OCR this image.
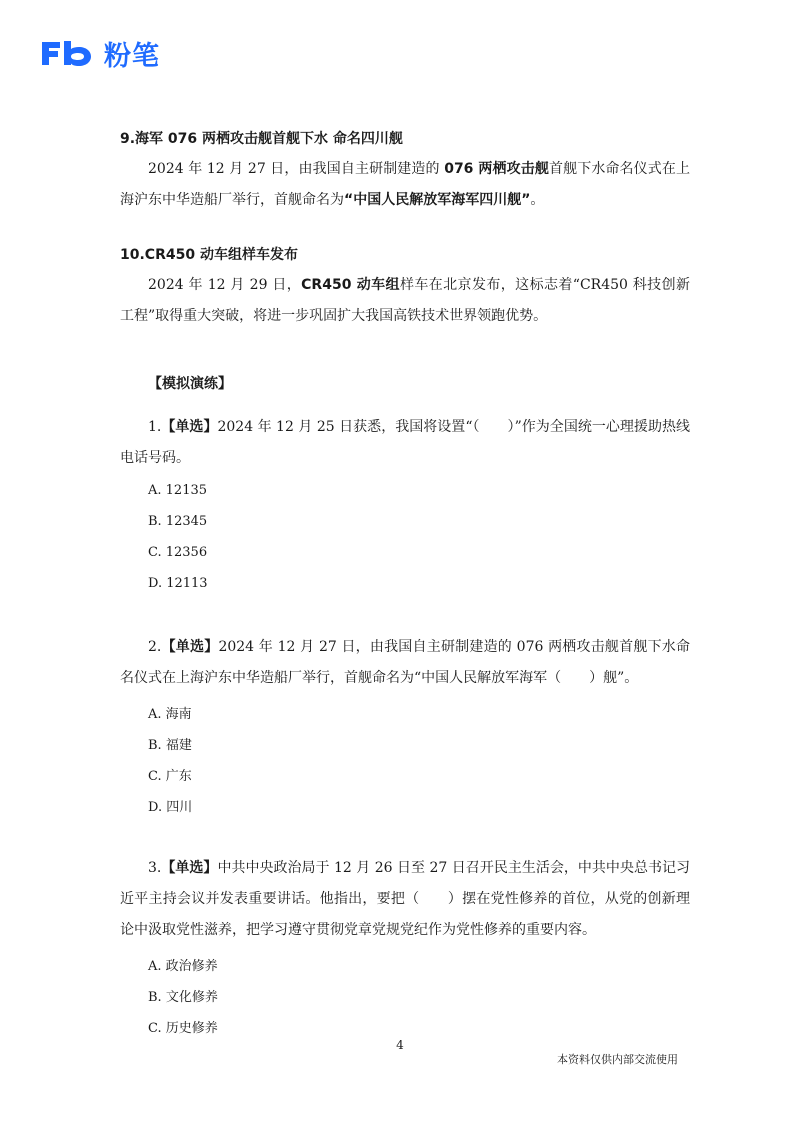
粉笔
9.海军 076 两栖攻击舰首舰下水 命名四川舰

2024 年 12 月 27 日，由我国自主研制建造的 076 两栖攻击舰首舰下水命名仪式在上海沪东中华造船厂举行，首舰命名为“中国人民解放军海军四川舰”。

10.CR450 动车组样车发布

2024 年 12 月 29 日，CR450 动车组样车在北京发布，这标志着“CR450 科技创新工程”取得重大突破，将进一步巩固扩大我国高铁技术世界领跑优势。

【模拟演练】

1.【单选】2024 年 12 月 25 日获悉，我国将设置“（　　）”作为全国统一心理援助热线电话号码。

A. 12135
B. 12345
C. 12356
D. 12113

2.【单选】2024 年 12 月 27 日，由我国自主研制建造的 076 两栖攻击舰首舰下水命名仪式在上海沪东中华造船厂举行，首舰命名为“中国人民解放军海军（　　）舰”。

A. 海南
B. 福建
C. 广东
D. 四川

3.【单选】中共中央政治局于 12 月 26 日至 27 日召开民主生活会，中共中央总书记习近平主持会议并发表重要讲话。他指出，要把（　　）摆在党性修养的首位，从党的创新理论中汲取党性滋养，把学习遵守贯彻党章党规党纪作为党性修养的重要内容。

A. 政治修养
B. 文化修养
C. 历史修养
4
本资料仅供内部交流使用
